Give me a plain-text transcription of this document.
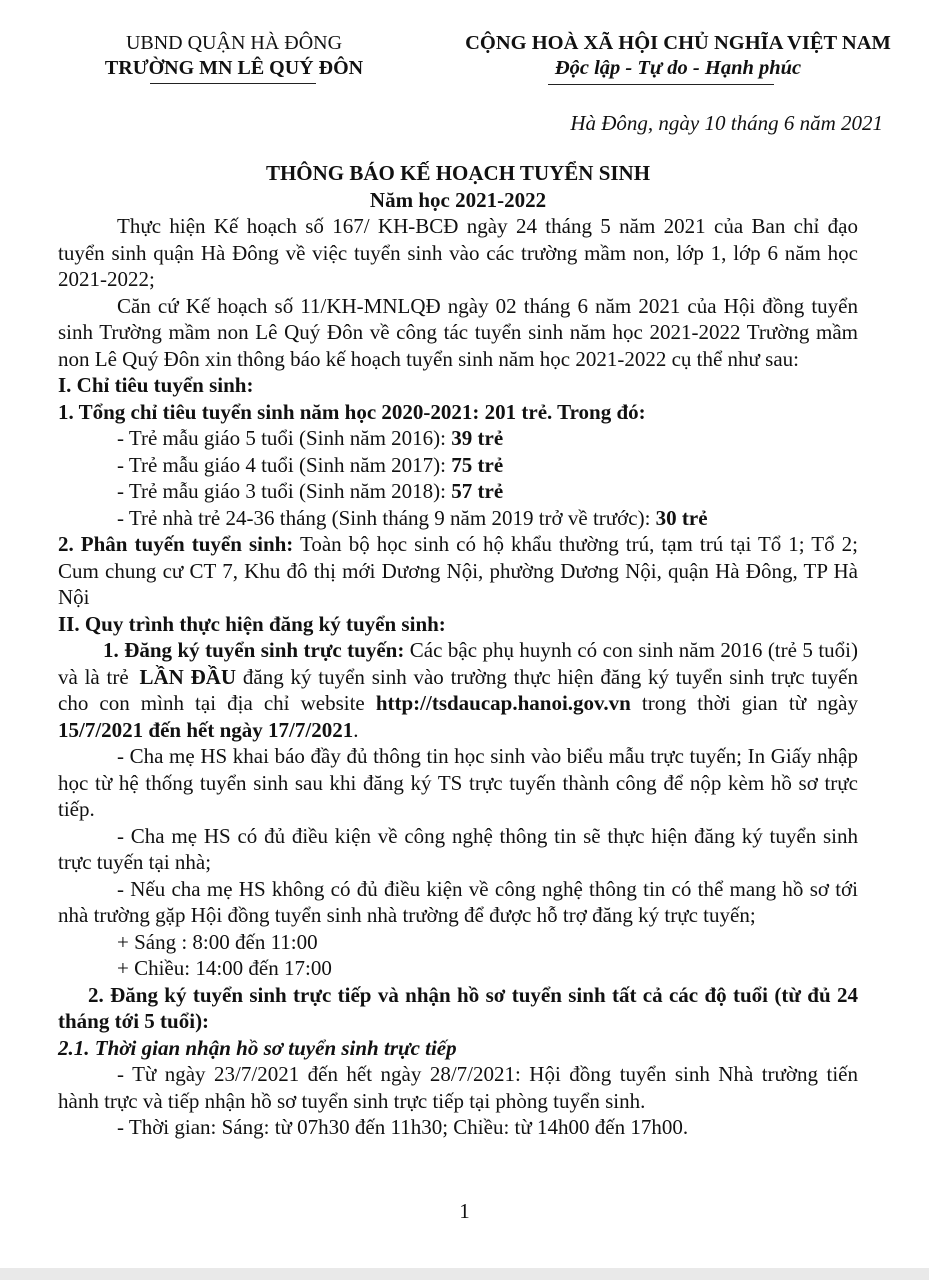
UBND QUẬN HÀ ĐÔNG
TRƯỜNG MN LÊ QUÝ ĐÔN
CỘNG HOÀ XÃ HỘI CHỦ NGHĨA VIỆT NAM
Độc lập - Tự do - Hạnh phúc
Hà Đông, ngày 10 tháng 6 năm 2021
THÔNG BÁO KẾ HOẠCH TUYỂN SINH
Năm học 2021-2022

Thực hiện Kế hoạch số 167/ KH-BCĐ ngày 24 tháng 5 năm 2021 của Ban chỉ đạo tuyển sinh quận Hà Đông về việc tuyển sinh vào các trường mầm non, lớp 1, lớp 6 năm học 2021-2022;

Căn cứ Kế hoạch số 11/KH-MNLQĐ ngày 02 tháng 6 năm 2021 của Hội đồng tuyển sinh Trường mầm non Lê Quý Đôn về công tác tuyển sinh năm học 2021-2022 Trường mầm non Lê Quý Đôn xin thông báo kế hoạch tuyển sinh năm học 2021-2022 cụ thể như sau:

I. Chỉ tiêu tuyển sinh:

1. Tổng chỉ tiêu tuyển sinh năm học 2020-2021: 201 trẻ. Trong đó:

- Trẻ mẫu giáo 5 tuổi (Sinh năm 2016): 39 trẻ

- Trẻ mẫu giáo 4 tuổi (Sinh năm 2017): 75 trẻ

- Trẻ mẫu giáo 3 tuổi (Sinh năm 2018): 57 trẻ

- Trẻ nhà trẻ 24-36 tháng (Sinh tháng 9 năm 2019 trở về trước): 30 trẻ

2. Phân tuyến tuyển sinh: Toàn bộ học sinh có hộ khẩu thường trú, tạm trú tại Tổ 1; Tổ 2; Cum chung cư CT 7, Khu đô thị mới Dương Nội, phường Dương Nội, quận Hà Đông, TP Hà Nội

II. Quy trình thực hiện đăng ký tuyển sinh:

1. Đăng ký tuyển sinh trực tuyến: Các bậc phụ huynh có con sinh năm 2016 (trẻ 5 tuổi) và là trẻ LẦN ĐẦU đăng ký tuyển sinh vào trường thực hiện đăng ký tuyển sinh trực tuyến cho con mình tại địa chỉ website http://tsdaucap.hanoi.gov.vn trong thời gian từ ngày 15/7/2021 đến hết ngày 17/7/2021.

- Cha mẹ HS khai báo đầy đủ thông tin học sinh vào biểu mẫu trực tuyến; In Giấy nhập học từ hệ thống tuyển sinh sau khi đăng ký TS trực tuyến thành công để nộp kèm hồ sơ trực tiếp.

- Cha mẹ HS có đủ điều kiện về công nghệ thông tin sẽ thực hiện đăng ký tuyển sinh trực tuyến tại nhà;

- Nếu cha mẹ HS không có đủ điều kiện về công nghệ thông tin có thể mang hồ sơ tới nhà trường gặp Hội đồng tuyển sinh nhà trường để được hỗ trợ đăng ký trực tuyến;

+ Sáng : 8:00 đến 11:00

+ Chiều: 14:00 đến 17:00

2. Đăng ký tuyển sinh trực tiếp và nhận hồ sơ tuyển sinh tất cả các độ tuổi (từ đủ 24 tháng tới 5 tuổi):

2.1. Thời gian nhận hồ sơ tuyển sinh trực tiếp

- Từ ngày 23/7/2021 đến hết ngày 28/7/2021: Hội đồng tuyển sinh Nhà trường tiến hành trực và tiếp nhận hồ sơ tuyển sinh trực tiếp tại phòng tuyển sinh.

- Thời gian: Sáng: từ 07h30 đến 11h30; Chiều: từ 14h00 đến 17h00.

1
